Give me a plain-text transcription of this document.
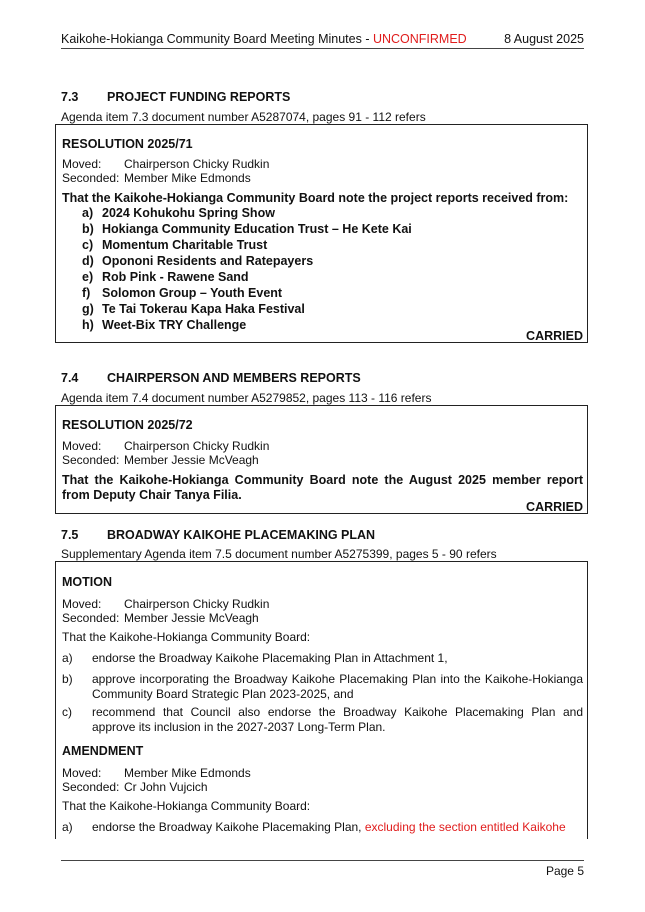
Kaikohe-Hokianga Community Board Meeting Minutes - UNCONFIRMED	8 August 2025
7.3 PROJECT FUNDING REPORTS
Agenda item 7.3 document number A5287074, pages 91 - 112 refers
RESOLUTION 2025/71
Moved: Chairperson Chicky Rudkin
Seconded: Member Mike Edmonds
That the Kaikohe-Hokianga Community Board note the project reports received from:
a) 2024 Kohukohu Spring Show
b) Hokianga Community Education Trust – He Kete Kai
c) Momentum Charitable Trust
d) Opononi Residents and Ratepayers
e) Rob Pink - Rawene Sand
f) Solomon Group – Youth Event
g) Te Tai Tokerau Kapa Haka Festival
h) Weet-Bix TRY Challenge
CARRIED
7.4 CHAIRPERSON AND MEMBERS REPORTS
Agenda item 7.4 document number A5279852, pages 113 - 116 refers
RESOLUTION 2025/72
Moved: Chairperson Chicky Rudkin
Seconded: Member Jessie McVeagh
That the Kaikohe-Hokianga Community Board note the August 2025 member report from Deputy Chair Tanya Filia.
CARRIED
7.5 BROADWAY KAIKOHE PLACEMAKING PLAN
Supplementary Agenda item 7.5 document number A5275399, pages 5 - 90 refers
MOTION
Moved: Chairperson Chicky Rudkin
Seconded: Member Jessie McVeagh
That the Kaikohe-Hokianga Community Board:
a) endorse the Broadway Kaikohe Placemaking Plan in Attachment 1,
b) approve incorporating the Broadway Kaikohe Placemaking Plan into the Kaikohe-Hokianga Community Board Strategic Plan 2023-2025, and
c) recommend that Council also endorse the Broadway Kaikohe Placemaking Plan and approve its inclusion in the 2027-2037 Long-Term Plan.
AMENDMENT
Moved: Member Mike Edmonds
Seconded: Cr John Vujcich
That the Kaikohe-Hokianga Community Board:
a) endorse the Broadway Kaikohe Placemaking Plan, excluding the section entitled Kaikohe
Page 5
